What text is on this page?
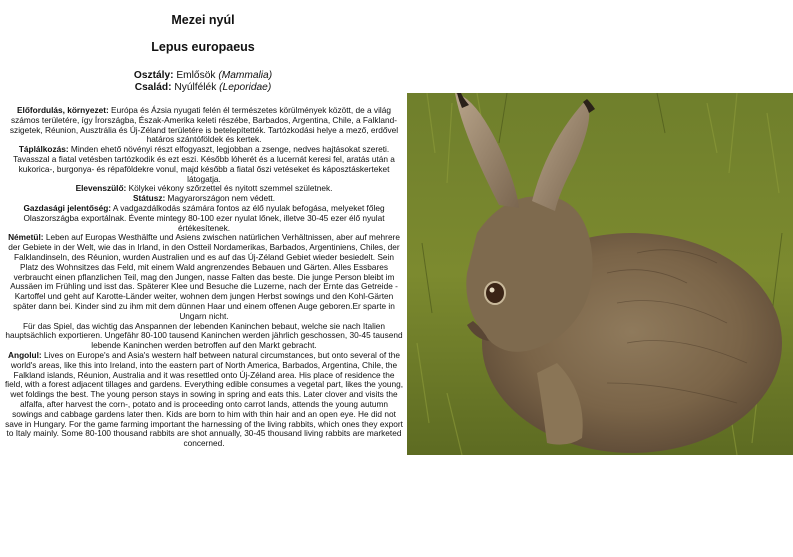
Mezei nyúl
Lepus europaeus
Osztály: Emlősök (Mammalia)
Család: Nyúlfélék (Leporidae)

Előfordulás, környezet: Európa és Ázsia nyugati felén él természetes körülmények között, de a világ számos területére, így Írországba, Észak-Amerika keleti részébe, Barbados, Argentina, Chile, a Falkland-szigetek, Réunion, Ausztrália és Új-Zéland területére is betelepítették. Tartózkodási helye a mező, erdővel határos szántóföldek és kertek.

Táplálkozás: Minden ehető növényi részt elfogyaszt, legjobban a zsenge, nedves hajtásokat szereti. Tavasszal a fiatal vetésben tartózkodik és ezt eszi. Később lóherét és a lucernát keresi fel, aratás után a kukorica-, burgonya- és répaföldekre vonul, majd később a fiatal őszi vetéseket és káposztáskerteket látogatja.

Elevenszülő: Kölykei vékony szőrzettel és nyitott szemmel születnek.

Státusz: Magyarországon nem védett.

Gazdasági jelentőség: A vadgazdálkodás számára fontos az élő nyulak befogása, melyeket főleg Olaszországba exportálnak. Évente mintegy 80-100 ezer nyulat lőnek, illetve 30-45 ezer élő nyulat értékesítenek.

Németül: Leben auf Europas Westhälfte und Asiens zwischen natürlichen Verhältnissen, aber auf mehrere der Gebiete in der Welt, wie das in Irland, in den Ostteil Nordamerikas, Barbados, Argentiniens, Chiles, der Falklandinseln, des Réunion, wurden Australien und es auf das Új-Zéland Gebiet wieder besiedelt. Sein Platz des Wohnsitzes das Feld, mit einem Wald angrenzendes Bebauen und Gärten. Alles Essbares verbraucht einen pflanzlichen Teil, mag den Jungen, nasse Falten das beste. Die junge Person bleibt im Aussäen im Frühling und isst das. Späterer Klee und Besuche die Luzerne, nach der Ernte das Getreide - Kartoffel und geht auf Karotte-Länder weiter, wohnen dem jungen Herbst sowings und den Kohl-Gärten später dann bei. Kinder sind zu ihm mit dem dünnen Haar und einem offenen Auge geboren.Er sparte in Ungarn nicht.

Für das Spiel, das wichtig das Anspannen der lebenden Kaninchen bebaut, welche sie nach Italien hauptsächlich exportieren. Ungefähr 80-100 tausend Kaninchen werden jährlich geschossen, 30-45 tausend lebende Kaninchen werden betroffen auf den Markt gebracht.

Angolul: Lives on Europe's and Asia's western half between natural circumstances, but onto several of the world's areas, like this into Ireland, into the eastern part of North America, Barbados, Argentina, Chile, the Falkland islands, Réunion, Australia and it was resettled onto Új-Zéland area. His place of residence the field, with a forest adjacent tillages and gardens. Everything edible consumes a vegetal part, likes the young, wet foldings the best. The young person stays in sowing in spring and eats this. Later clover and visits the alfalfa, after harvest the corn-, potato and is proceeding onto carrot lands, attends the young autumn sowings and cabbage gardens later then. Kids are born to him with thin hair and an open eye. He did not save in Hungary. For the game farming important the harnessing of the living rabbits, which ones they export to Italy mainly. Some 80-100 thousand rabbits are shot annually, 30-45 thousand living rabbits are marketed concerned.
